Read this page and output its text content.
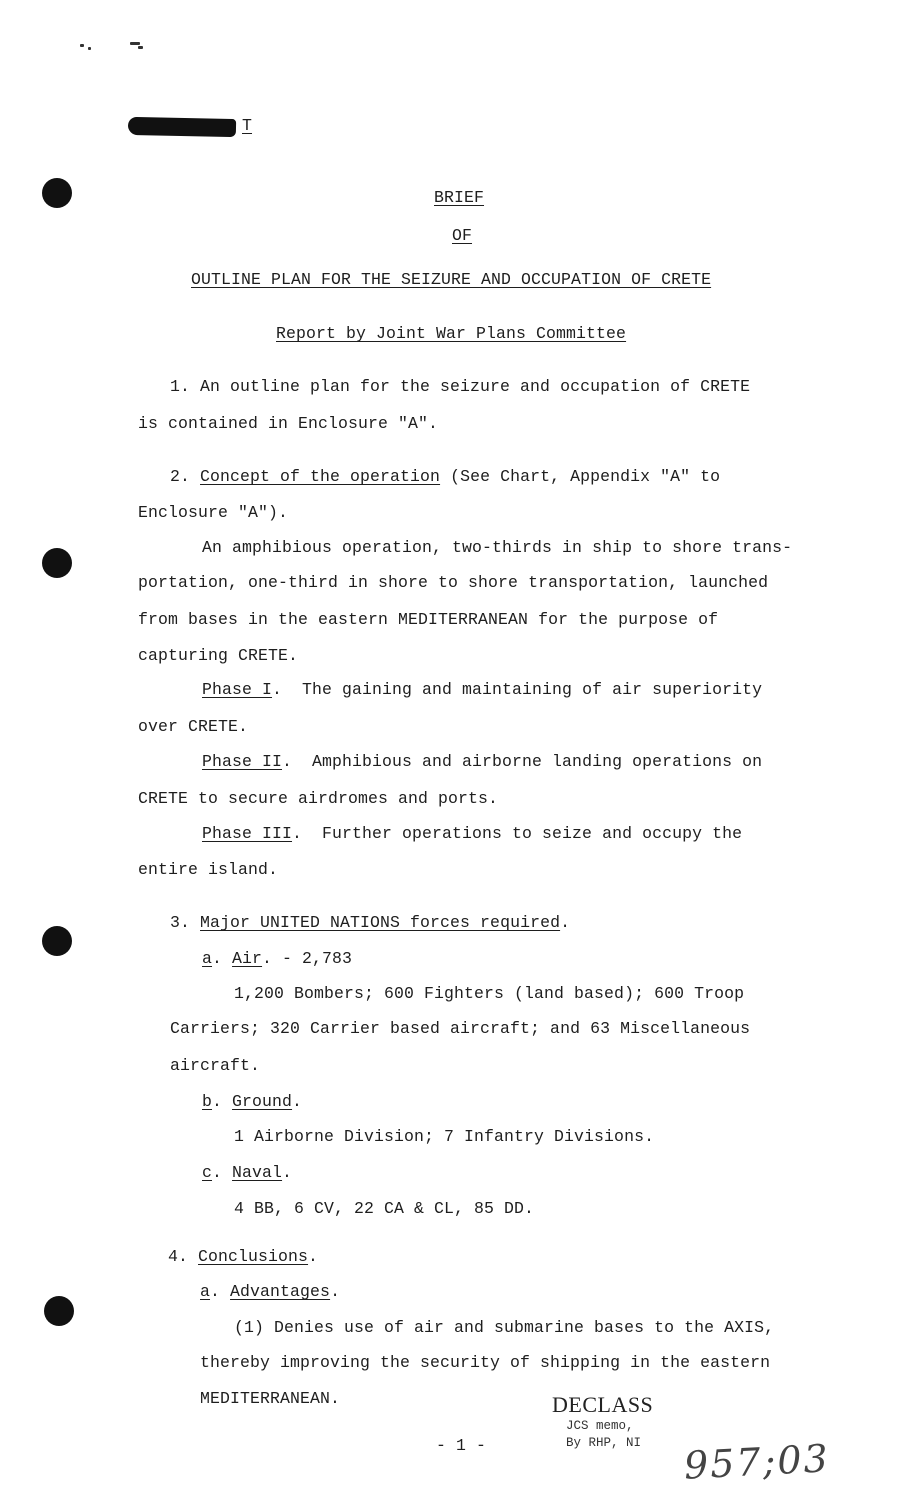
T
BRIEF
OF
OUTLINE PLAN FOR THE SEIZURE AND OCCUPATION OF CRETE
Report by Joint War Plans Committee
1. An outline plan for the seizure and occupation of CRETE
is contained in Enclosure "A".
2. Concept of the operation (See Chart, Appendix "A" to
Enclosure "A").
An amphibious operation, two-thirds in ship to shore trans-
portation, one-third in shore to shore transportation, launched
from bases in the eastern MEDITERRANEAN for the purpose of
capturing CRETE.
Phase I.  The gaining and maintaining of air superiority
over CRETE.
Phase II.  Amphibious and airborne landing operations on
CRETE to secure airdromes and ports.
Phase III.  Further operations to seize and occupy the
entire island.
3. Major UNITED NATIONS forces required.
a. Air. - 2,783
1,200 Bombers; 600 Fighters (land based); 600 Troop
Carriers; 320 Carrier based aircraft; and 63 Miscellaneous
aircraft.
b. Ground.
1 Airborne Division; 7 Infantry Divisions.
c. Naval.
4 BB, 6 CV, 22 CA & CL, 85 DD.
4. Conclusions.
a. Advantages.
(1) Denies use of air and submarine bases to the AXIS,
thereby improving the security of shipping in the eastern
MEDITERRANEAN.
- 1 -
DECLASS
JCS memo,
By RHP, NI 957;03
